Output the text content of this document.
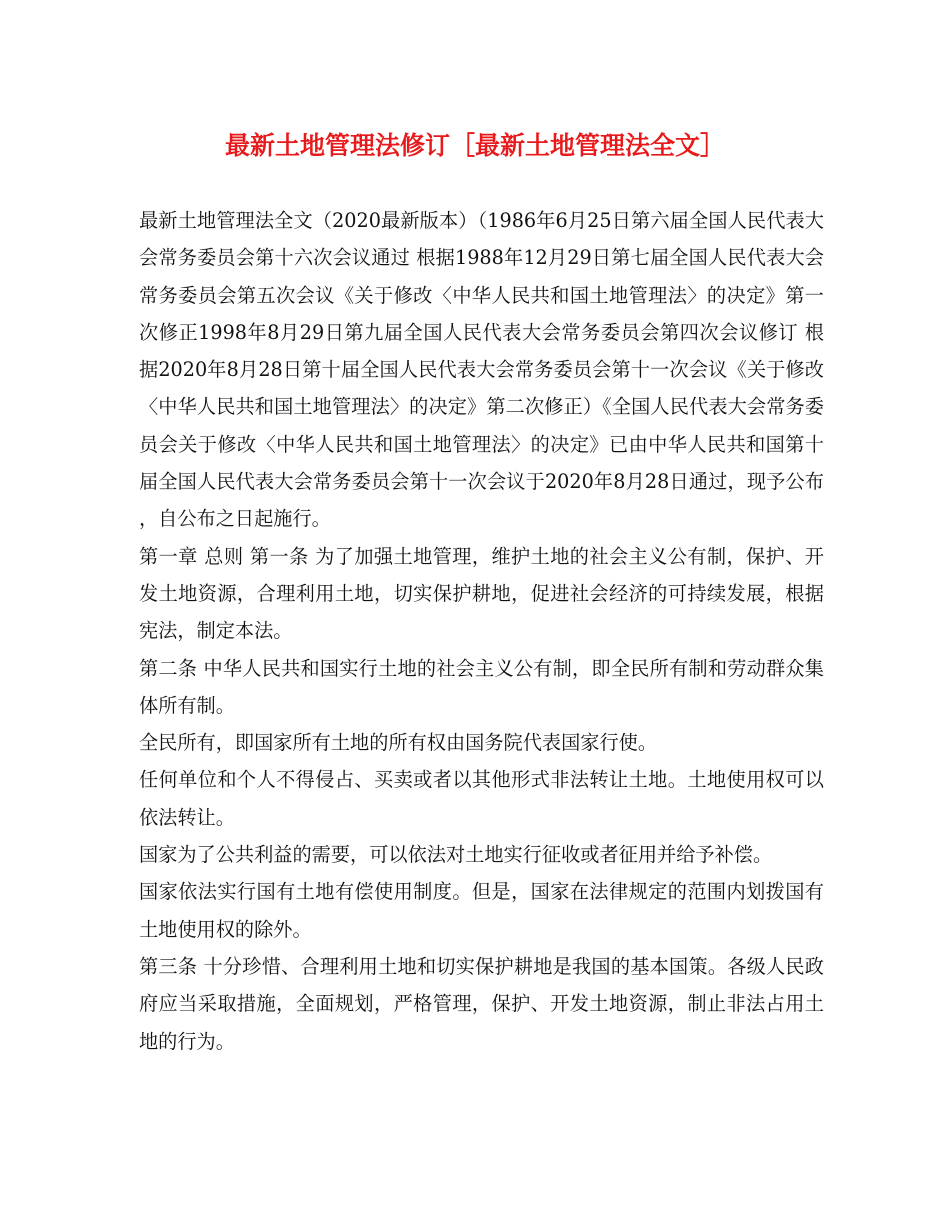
最新土地管理法修订［最新土地管理法全文］

最新土地管理法全文（2020最新版本）（1986年6月25日第六届全国人民代表大会常务委员会第十六次会议通过 根据1988年12月29日第七届全国人民代表大会常务委员会第五次会议《关于修改〈中华人民共和国土地管理法〉的决定》第一次修正1998年8月29日第九届全国人民代表大会常务委员会第四次会议修订 根据2020年8月28日第十届全国人民代表大会常务委员会第十一次会议《关于修改〈中华人民共和国土地管理法〉的决定》第二次修正）《全国人民代表大会常务委员会关于修改〈中华人民共和国土地管理法〉的决定》已由中华人民共和国第十届全国人民代表大会常务委员会第十一次会议于2020年8月28日通过，现予公布，自公布之日起施行。

第一章 总则 第一条 为了加强土地管理，维护土地的社会主义公有制，保护、开发土地资源，合理利用土地，切实保护耕地，促进社会经济的可持续发展，根据宪法，制定本法。

第二条 中华人民共和国实行土地的社会主义公有制，即全民所有制和劳动群众集体所有制。

全民所有，即国家所有土地的所有权由国务院代表国家行使。

任何单位和个人不得侵占、买卖或者以其他形式非法转让土地。土地使用权可以依法转让。

国家为了公共利益的需要，可以依法对土地实行征收或者征用并给予补偿。

国家依法实行国有土地有偿使用制度。但是，国家在法律规定的范围内划拨国有土地使用权的除外。

第三条 十分珍惜、合理利用土地和切实保护耕地是我国的基本国策。各级人民政府应当采取措施，全面规划，严格管理，保护、开发土地资源，制止非法占用土地的行为。
